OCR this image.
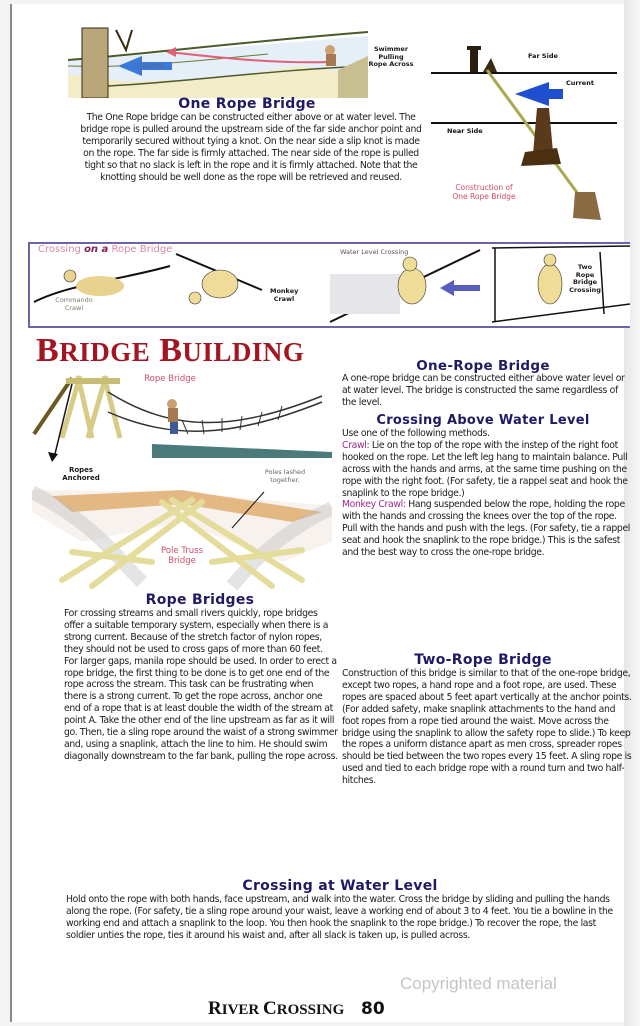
Current
Swimmer Pulling Rope Across
Far Side
Current
Near Side
Construction of One Rope Bridge
One Rope Bridge
The One Rope bridge can be constructed either above or at water level. The bridge rope is pulled around the upstream side of the far side anchor point and temporarily secured without tying a knot. On the near side a slip knot is made on the rope. The far side is firmly attached. The near side of the rope is pulled tight so that no slack is left in the rope and it is firmly attached. Note that the knotting should be well done as the rope will be retrieved and reused.
Crossing on a Rope Bridge
Commando Crawl
Monkey Crawl
Water Level Crossing
Two Rope Bridge Crossing
BRIDGE BUILDING
Rope Bridge
Ropes Anchored
Poles lashed together.
Pole Truss Bridge
Rope Bridges
For crossing streams and small rivers quickly, rope bridges offer a suitable temporary system, especially when there is a strong current. Because of the stretch factor of nylon ropes, they should not be used to cross gaps of more than 60 feet. For larger gaps, manila rope should be used. In order to erect a rope bridge, the first thing to be done is to get one end of the rope across the stream. This task can be frustrating when there is a strong current. To get the rope across, anchor one end of a rope that is at least double the width of the stream at point A. Take the other end of the line upstream as far as it will go. Then, tie a sling rope around the waist of a strong swimmer and, using a snaplink, attach the line to him. He should swim diagonally downstream to the far bank, pulling the rope across.
One-Rope Bridge
A one-rope bridge can be constructed either above water level or at water level. The bridge is constructed the same regardless of the level.
Crossing Above Water Level
Use one of the following methods.
Crawl: Lie on the top of the rope with the instep of the right foot hooked on the rope. Let the left leg hang to maintain balance. Pull across with the hands and arms, at the same time pushing on the rope with the right foot. (For safety, tie a rappel seat and hook the snaplink to the rope bridge.)
Monkey Crawl: Hang suspended below the rope, holding the rope with the hands and crossing the knees over the top of the rope. Pull with the hands and push with the legs. (For safety, tie a rappel seat and hook the snaplink to the rope bridge.) This is the safest and the best way to cross the one-rope bridge.
Two-Rope Bridge
Construction of this bridge is similar to that of the one-rope bridge, except two ropes, a hand rope and a foot rope, are used. These ropes are spaced about 5 feet apart vertically at the anchor points. (For added safety, make snaplink attachments to the hand and foot ropes from a rope tied around the waist. Move across the bridge using the snaplink to allow the safety rope to slide.) To keep the ropes a uniform distance apart as men cross, spreader ropes should be tied between the two ropes every 15 feet. A sling rope is used and tied to each bridge rope with a round turn and two half-hitches.
Crossing at Water Level
Hold onto the rope with both hands, face upstream, and walk into the water. Cross the bridge by sliding and pulling the hands along the rope. (For safety, tie a sling rope around your waist, leave a working end of about 3 to 4 feet. You tie a bowline in the working end and attach a snaplink to the loop. You then hook the snaplink to the rope bridge.) To recover the rope, the last soldier unties the rope, ties it around his waist and, after all slack is taken up, is pulled across.
Copyrighted material
RIVER CROSSING 80
